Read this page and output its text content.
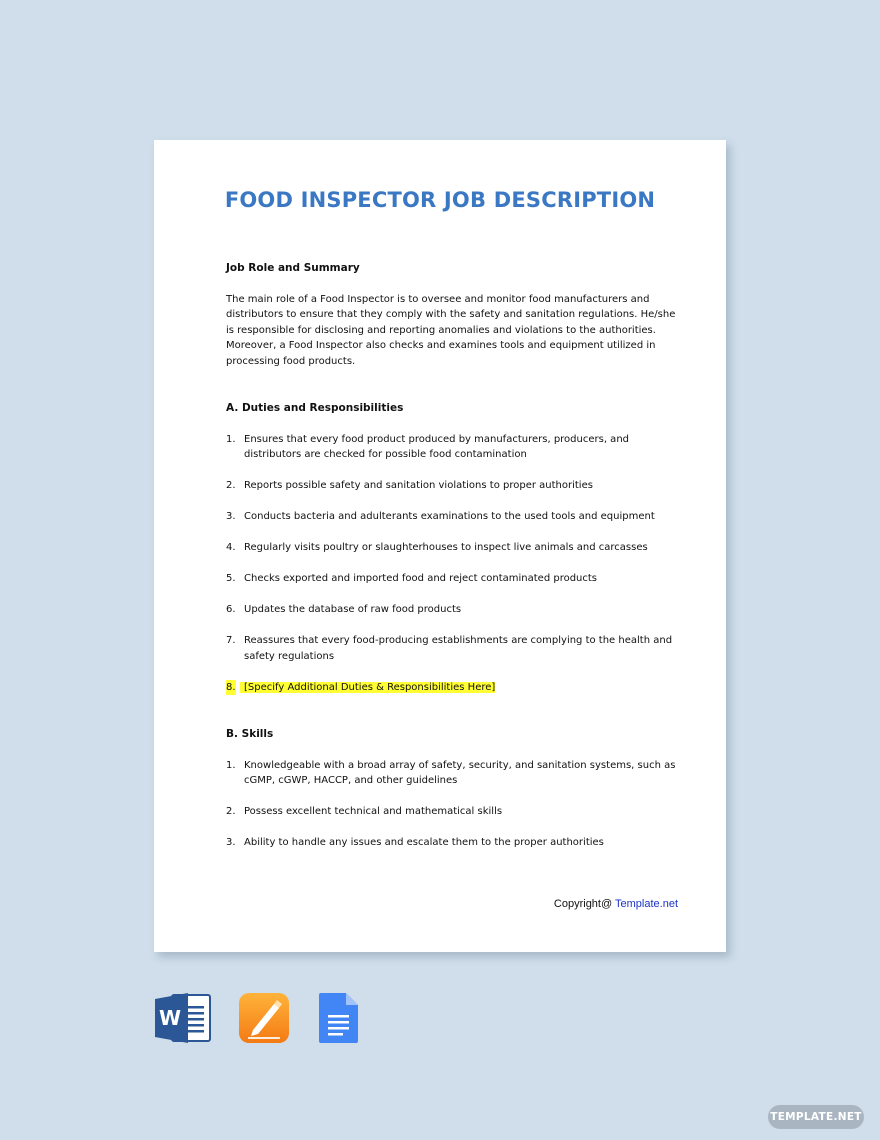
FOOD INSPECTOR JOB DESCRIPTION
Job Role and Summary

The main role of a Food Inspector is to oversee and monitor food manufacturers and distributors to ensure that they comply with the safety and sanitation regulations. He/she is responsible for disclosing and reporting anomalies and violations to the authorities. Moreover, a Food Inspector also checks and examines tools and equipment utilized in processing food products.

A. Duties and Responsibilities
1. Ensures that every food product produced by manufacturers, producers, and distributors are checked for possible food contamination
2. Reports possible safety and sanitation violations to proper authorities
3. Conducts bacteria and adulterants examinations to the used tools and equipment
4. Regularly visits poultry or slaughterhouses to inspect live animals and carcasses
5. Checks exported and imported food and reject contaminated products
6. Updates the database of raw food products
7. Reassures that every food-producing establishments are complying to the health and safety regulations
8. [Specify Additional Duties & Responsibilities Here]
B. Skills
1. Knowledgeable with a broad array of safety, security, and sanitation systems, such as cGMP, cGWP, HACCP, and other guidelines
2. Possess excellent technical and mathematical skills
3. Ability to handle any issues and escalate them to the proper authorities
Copyright@ Template.net
W
TEMPLATE.NET
